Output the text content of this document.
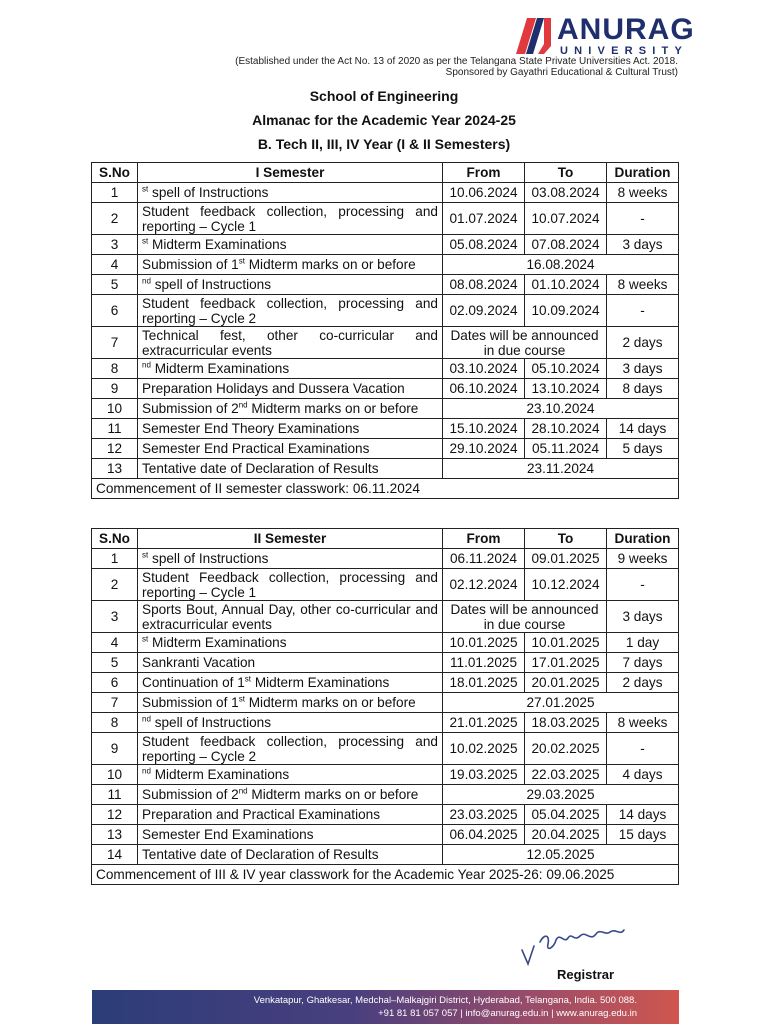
ANURAG
UNIVERSITY
(Established under the Act No. 13 of 2020 as per the Telangana State Private Universities Act. 2018.
Sponsored by Gayathri Educational & Cultural Trust)
School of Engineering
Almanac for the Academic Year 2024-25
B. Tech II, III, IV Year (I & II Semesters)
S.No	I Semester	From	To	Duration
1	$^{st}$ spell of Instructions	10.06.2024	03.08.2024	8 weeks
2	Student feedback collection, processing and reporting – Cycle 1	01.07.2024	10.07.2024	-
3	$^{st}$ Midterm Examinations	05.08.2024	07.08.2024	3 days
4	Submission of 1st Midterm marks on or before	16.08.2024		
5	$^{nd}$ spell of Instructions	08.08.2024	01.10.2024	8 weeks
6	Student feedback collection, processing and reporting – Cycle 2	02.09.2024	10.09.2024	-
7	Technical fest, other co-curricular and extracurricular events	Dates will be announced in due course		2 days
8	$^{nd}$ Midterm Examinations	03.10.2024	05.10.2024	3 days
9	Preparation Holidays and Dussera Vacation	06.10.2024	13.10.2024	8 days
10	Submission of 2nd Midterm marks on or before	23.10.2024		
11	Semester End Theory Examinations	15.10.2024	28.10.2024	14 days
12	Semester End Practical Examinations	29.10.2024	05.11.2024	5 days
13	Tentative date of Declaration of Results	23.11.2024		
Commencement of II semester classwork: 06.11.2024				
S.No	II Semester	From	To	Duration
1	$^{st}$ spell of Instructions	06.11.2024	09.01.2025	9 weeks
2	Student Feedback collection, processing and reporting – Cycle 1	02.12.2024	10.12.2024	-
3	Sports Bout, Annual Day, other co-curricular and extracurricular events	Dates will be announced in due course		3 days
4	$^{st}$ Midterm Examinations	10.01.2025	10.01.2025	1 day
5	Sankranti Vacation	11.01.2025	17.01.2025	7 days
6	Continuation of 1st Midterm Examinations	18.01.2025	20.01.2025	2 days
7	Submission of 1st Midterm marks on or before	27.01.2025		
8	$^{nd}$ spell of Instructions	21.01.2025	18.03.2025	8 weeks
9	Student feedback collection, processing and reporting – Cycle 2	10.02.2025	20.02.2025	-
10	$^{nd}$ Midterm Examinations	19.03.2025	22.03.2025	4 days
11	Submission of 2nd Midterm marks on or before	29.03.2025		
12	Preparation and Practical Examinations	23.03.2025	05.04.2025	14 days
13	Semester End Examinations	06.04.2025	20.04.2025	15 days
14	Tentative date of Declaration of Results	12.05.2025		
Commencement of III & IV year classwork for the Academic Year 2025-26: 09.06.2025				
Registrar
Venkatapur, Ghatkesar, Medchal–Malkajgiri District, Hyderabad, Telangana, India. 500 088.
+91 81 81 057 057 | info@anurag.edu.in | www.anurag.edu.in
